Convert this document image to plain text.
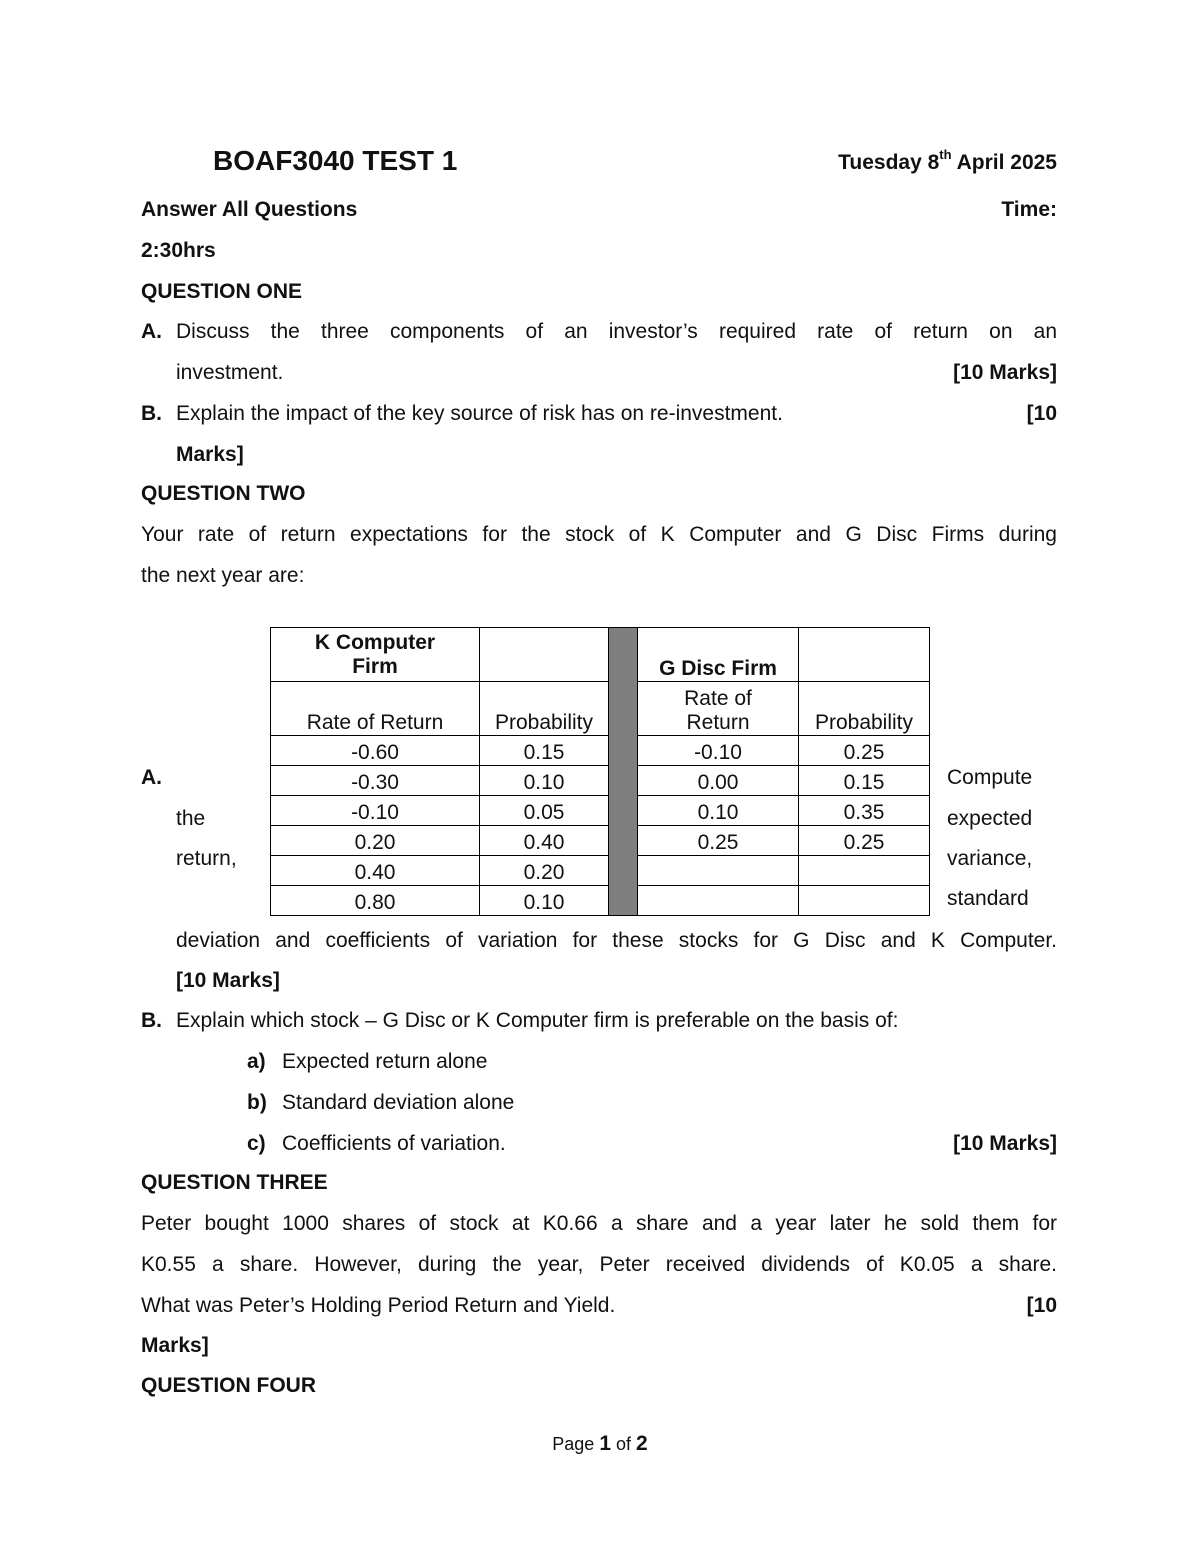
BOAF3040 TEST 1	Tuesday 8th April 2025
Answer All Questions	Time:
2:30hrs
QUESTION ONE
A. Discuss the three components of an investor’s required rate of return on an
investment.	[10 Marks]
B. Explain the impact of the key source of risk has on re-investment.	[10
Marks]
QUESTION TWO
Your rate of return expectations for the stock of K Computer and G Disc Firms during
the next year are:
K Computer
Firm			G Disc Firm	
Rate of Return	Probability		Rate of
Return	Probability
-0.60	0.15		-0.10	0.25
-0.30	0.10		0.00	0.15
-0.10	0.05		0.10	0.35
0.20	0.40		0.25	0.25
0.40	0.20			
0.80	0.10			
A.
the
return,
Compute
expected
variance,
standard
deviation and coefficients of variation for these stocks for G Disc and K Computer.
[10 Marks]
B. Explain which stock – G Disc or K Computer firm is preferable on the basis of:
a) Expected return alone
b) Standard deviation alone
c) Coefficients of variation.	[10 Marks]
QUESTION THREE
Peter bought 1000 shares of stock at K0.66 a share and a year later he sold them for
K0.55 a share. However, during the year, Peter received dividends of K0.05 a share.
What was Peter’s Holding Period Return and Yield.	[10
Marks]
QUESTION FOUR
Page 1 of 2
